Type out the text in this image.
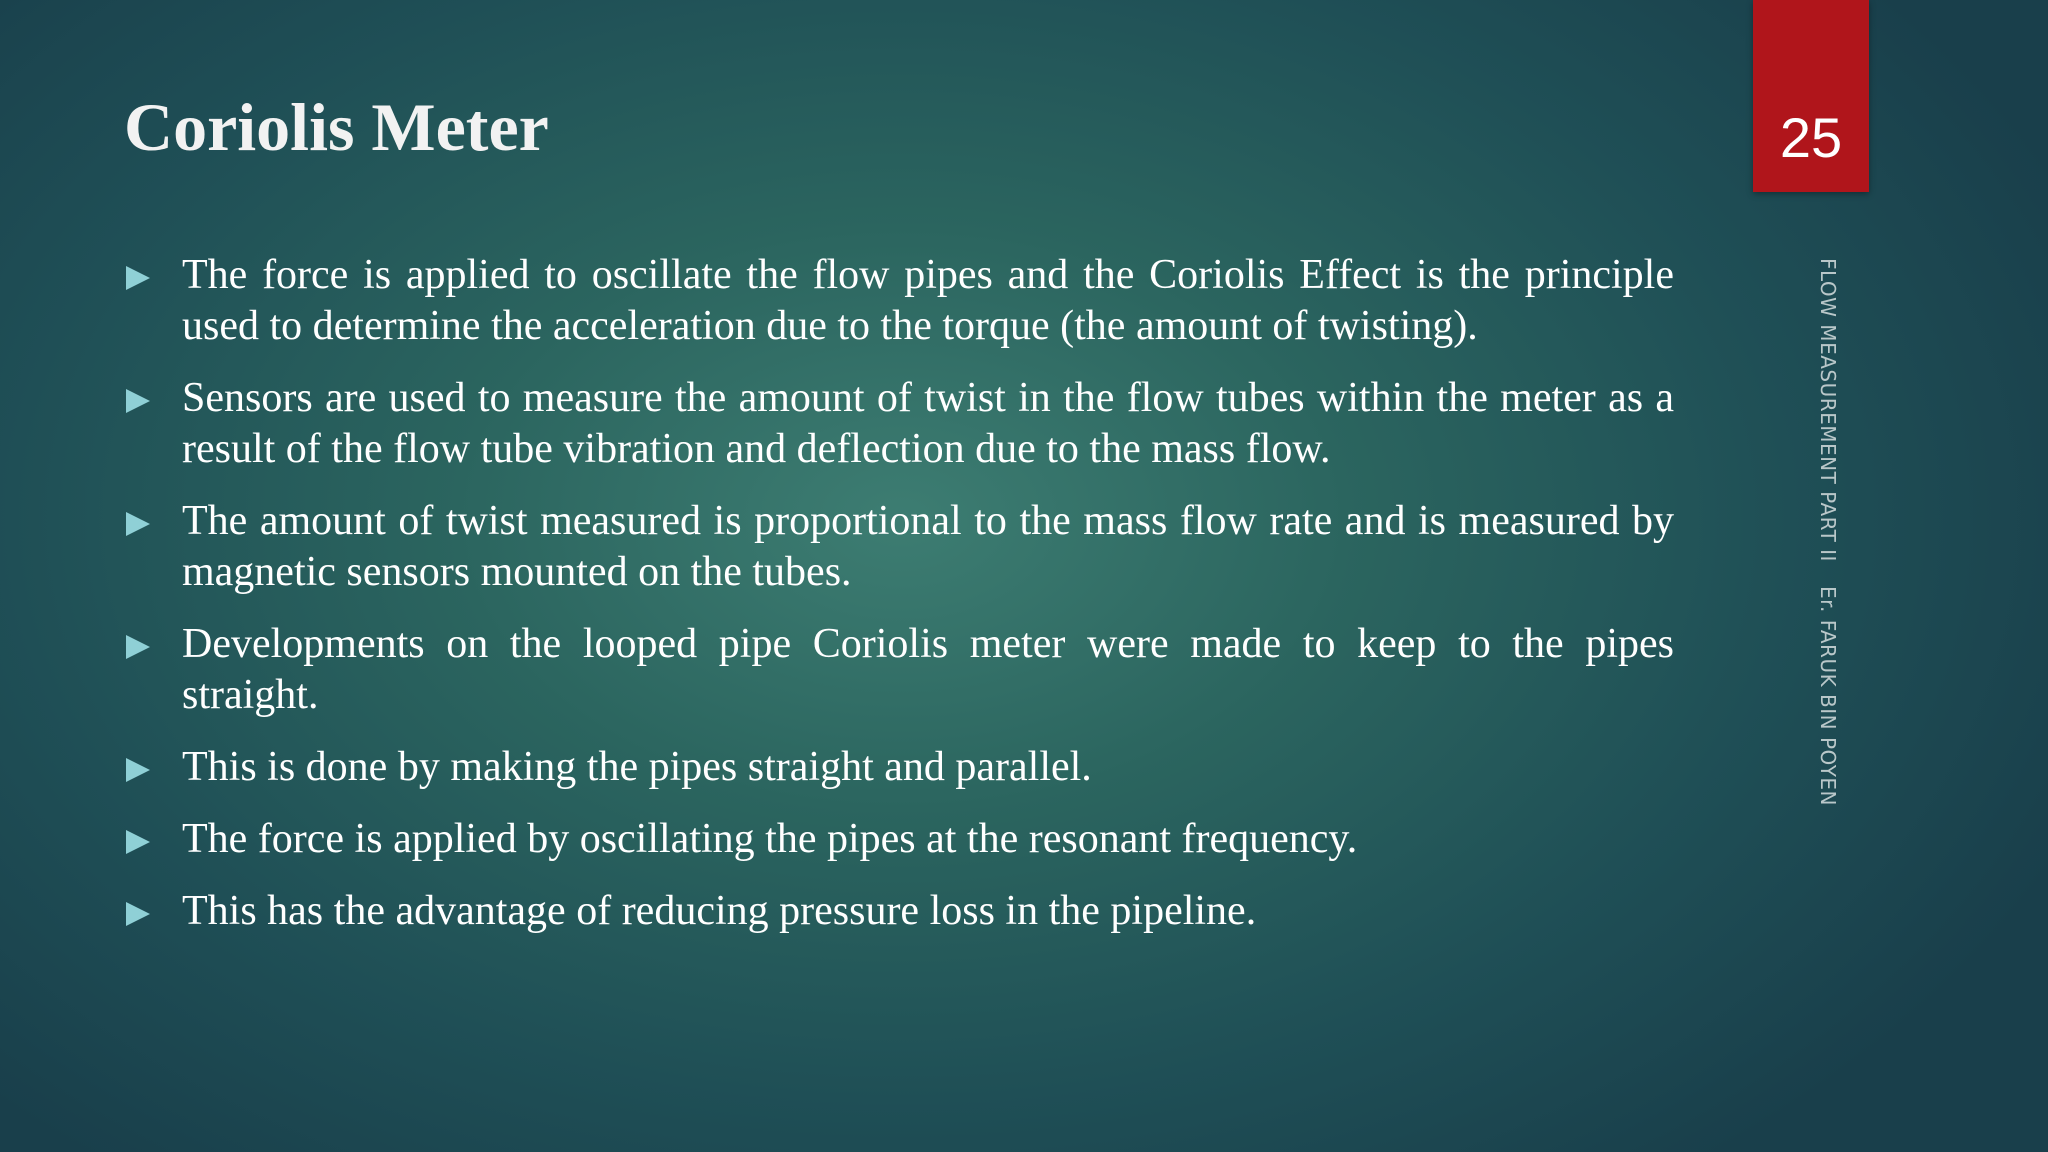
Coriolis Meter	25
FLOW MEASUREMENT PART IIEr. FARUK BIN POYEN
The force is applied to oscillate the flow pipes and the Coriolis Effect is the principle used to determine the acceleration due to the torque (the amount of twisting).
Sensors are used to measure the amount of twist in the flow tubes within the meter as a result of the flow tube vibration and deflection due to the mass flow.
The amount of twist measured is proportional to the mass flow rate and is measured by magnetic sensors mounted on the tubes.
Developments on the looped pipe Coriolis meter were made to keep to the pipes straight.
This is done by making the pipes straight and parallel.
The force is applied by oscillating the pipes at the resonant frequency.
This has the advantage of reducing pressure loss in the pipeline.
